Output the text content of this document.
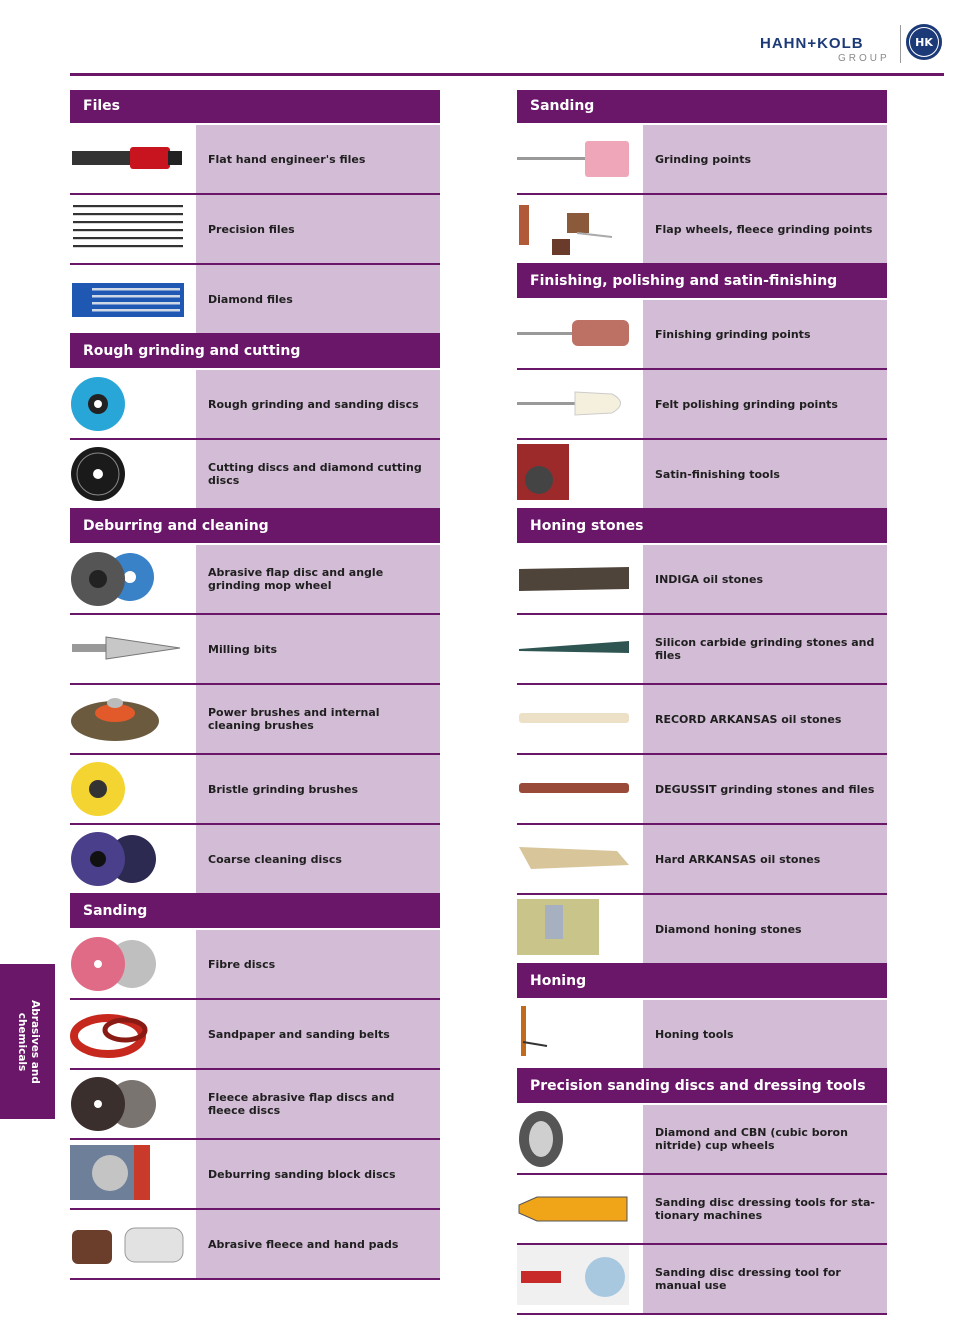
HAHN+KOLB
GROUP
HK
Files
Flat hand engineer's files
Precision files
Diamond files
Rough grinding and cutting
Rough grinding and sanding discs
Cutting discs and diamond cutting discs
Deburring and cleaning
Abrasive flap disc and angle grinding mop wheel
Milling bits
Power brushes and internal cleaning brushes
Bristle grinding brushes
Coarse cleaning discs
Sanding
Fibre discs
Sandpaper and sanding belts
Fleece abrasive flap discs and fleece discs
Deburring sanding block discs
Abrasive fleece and hand pads
Sanding
Grinding points
Flap wheels, fleece grinding points
Finishing, polishing and satin-finishing
Finishing grinding points
Felt polishing grinding points
Satin-finishing tools
Honing stones
INDIGA oil stones
Silicon carbide grinding stones and files
RECORD ARKANSAS oil stones
DEGUSSIT grinding stones and files
Hard ARKANSAS oil stones
Diamond honing stones
Honing
Honing tools
Precision sanding discs and dressing tools
Diamond and CBN (cubic boron nitride) cup wheels
Sanding disc dressing tools for sta-tionary machines
Sanding disc dressing tool for manual use
Abrasives and chemicals
